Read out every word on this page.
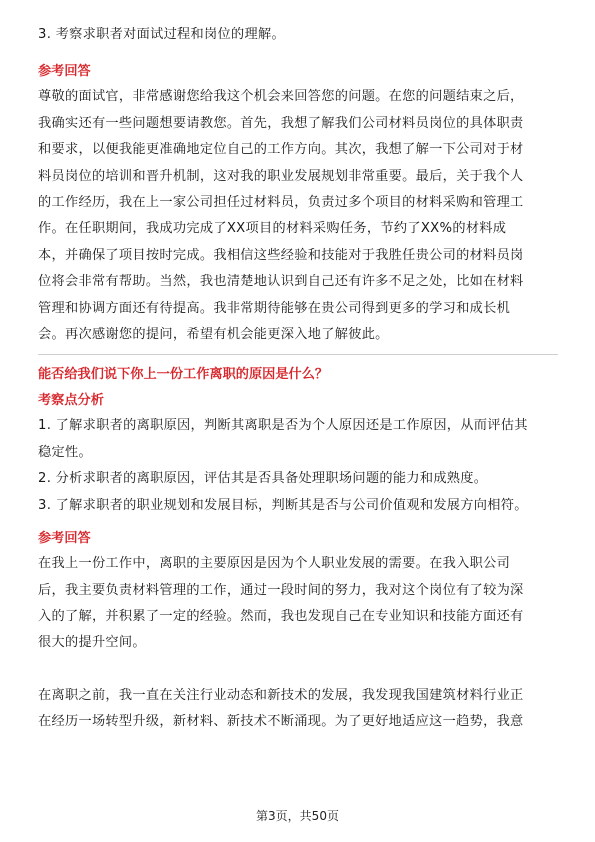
3. 考察求职者对面试过程和岗位的理解。

参考回答

尊敬的面试官，非常感谢您给我这个机会来回答您的问题。在您的问题结束之后，

我确实还有一些问题想要请教您。首先，我想了解我们公司材料员岗位的具体职责

和要求，以便我能更准确地定位自己的工作方向。其次，我想了解一下公司对于材

料员岗位的培训和晋升机制，这对我的职业发展规划非常重要。最后，关于我个人

的工作经历，我在上一家公司担任过材料员，负责过多个项目的材料采购和管理工

作。在任职期间，我成功完成了XX项目的材料采购任务，节约了XX%的材料成

本，并确保了项目按时完成。我相信这些经验和技能对于我胜任贵公司的材料员岗

位将会非常有帮助。当然，我也清楚地认识到自己还有许多不足之处，比如在材料

管理和协调方面还有待提高。我非常期待能够在贵公司得到更多的学习和成长机

会。再次感谢您的提问，希望有机会能更深入地了解彼此。

能否给我们说下你上一份工作离职的原因是什么？

考察点分析

1. 了解求职者的离职原因，判断其离职是否为个人原因还是工作原因，从而评估其

稳定性。

2. 分析求职者的离职原因，评估其是否具备处理职场问题的能力和成熟度。

3. 了解求职者的职业规划和发展目标，判断其是否与公司价值观和发展方向相符。

参考回答

在我上一份工作中，离职的主要原因是因为个人职业发展的需要。在我入职公司

后，我主要负责材料管理的工作，通过一段时间的努力，我对这个岗位有了较为深

入的了解，并积累了一定的经验。然而，我也发现自己在专业知识和技能方面还有

很大的提升空间。

在离职之前，我一直在关注行业动态和新技术的发展，我发现我国建筑材料行业正

在经历一场转型升级，新材料、新技术不断涌现。为了更好地适应这一趋势，我意

第3页，共50页
